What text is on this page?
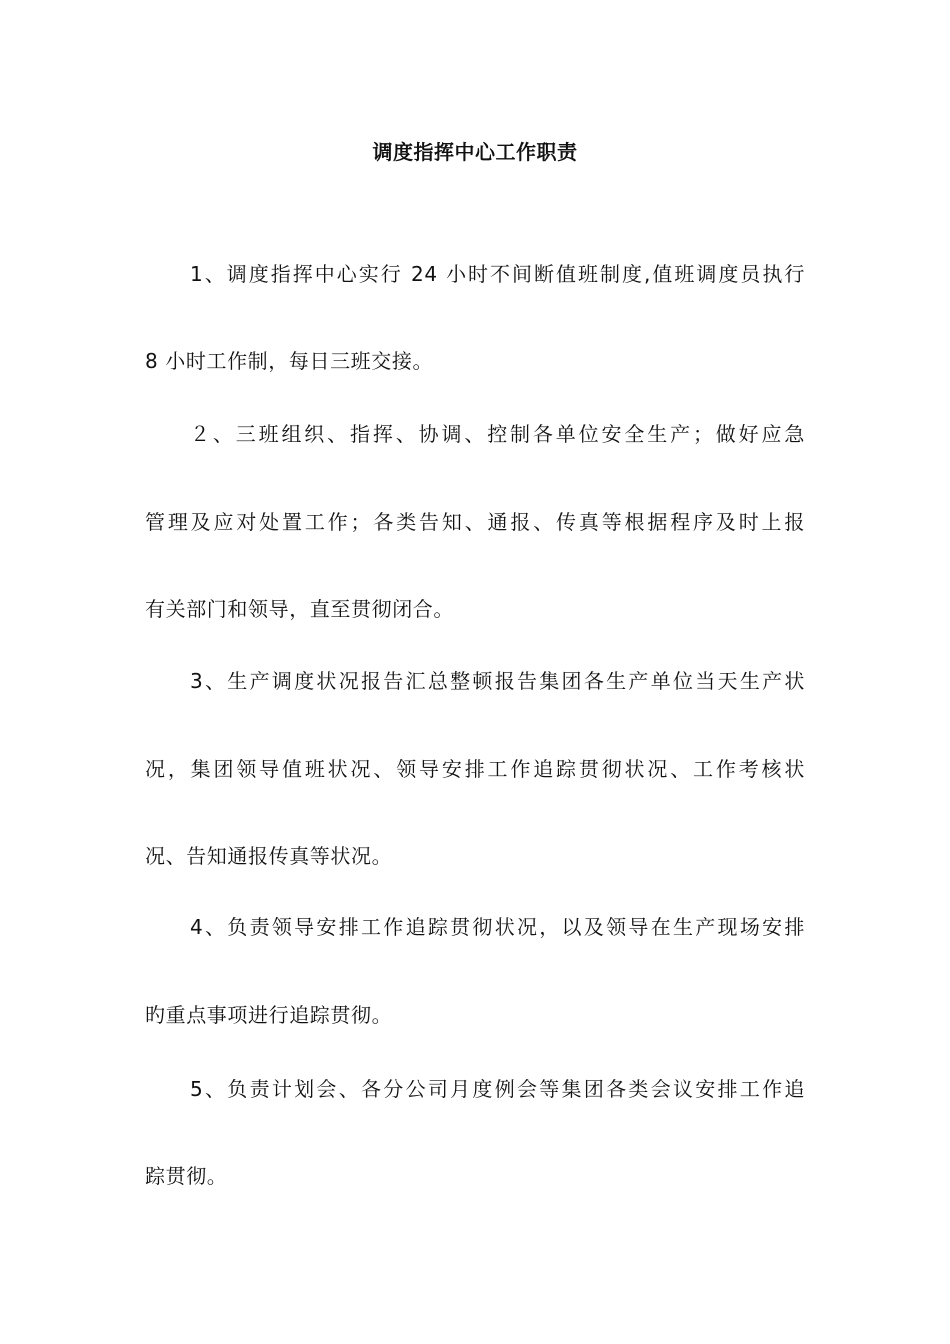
调度指挥中心工作职责
1、调度指挥中心实行 24 小时不间断值班制度,值班调度员执行
8 小时工作制，每日三班交接。
２、三班组织、指挥、协调、控制各单位安全生产；做好应急
管理及应对处置工作；各类告知、通报、传真等根据程序及时上报
有关部门和领导，直至贯彻闭合。
3、生产调度状况报告汇总整顿报告集团各生产单位当天生产状
况，集团领导值班状况、领导安排工作追踪贯彻状况、工作考核状
况、告知通报传真等状况。
4、负责领导安排工作追踪贯彻状况，以及领导在生产现场安排
旳重点事项进行追踪贯彻。
5、负责计划会、各分公司月度例会等集团各类会议安排工作追
踪贯彻。
